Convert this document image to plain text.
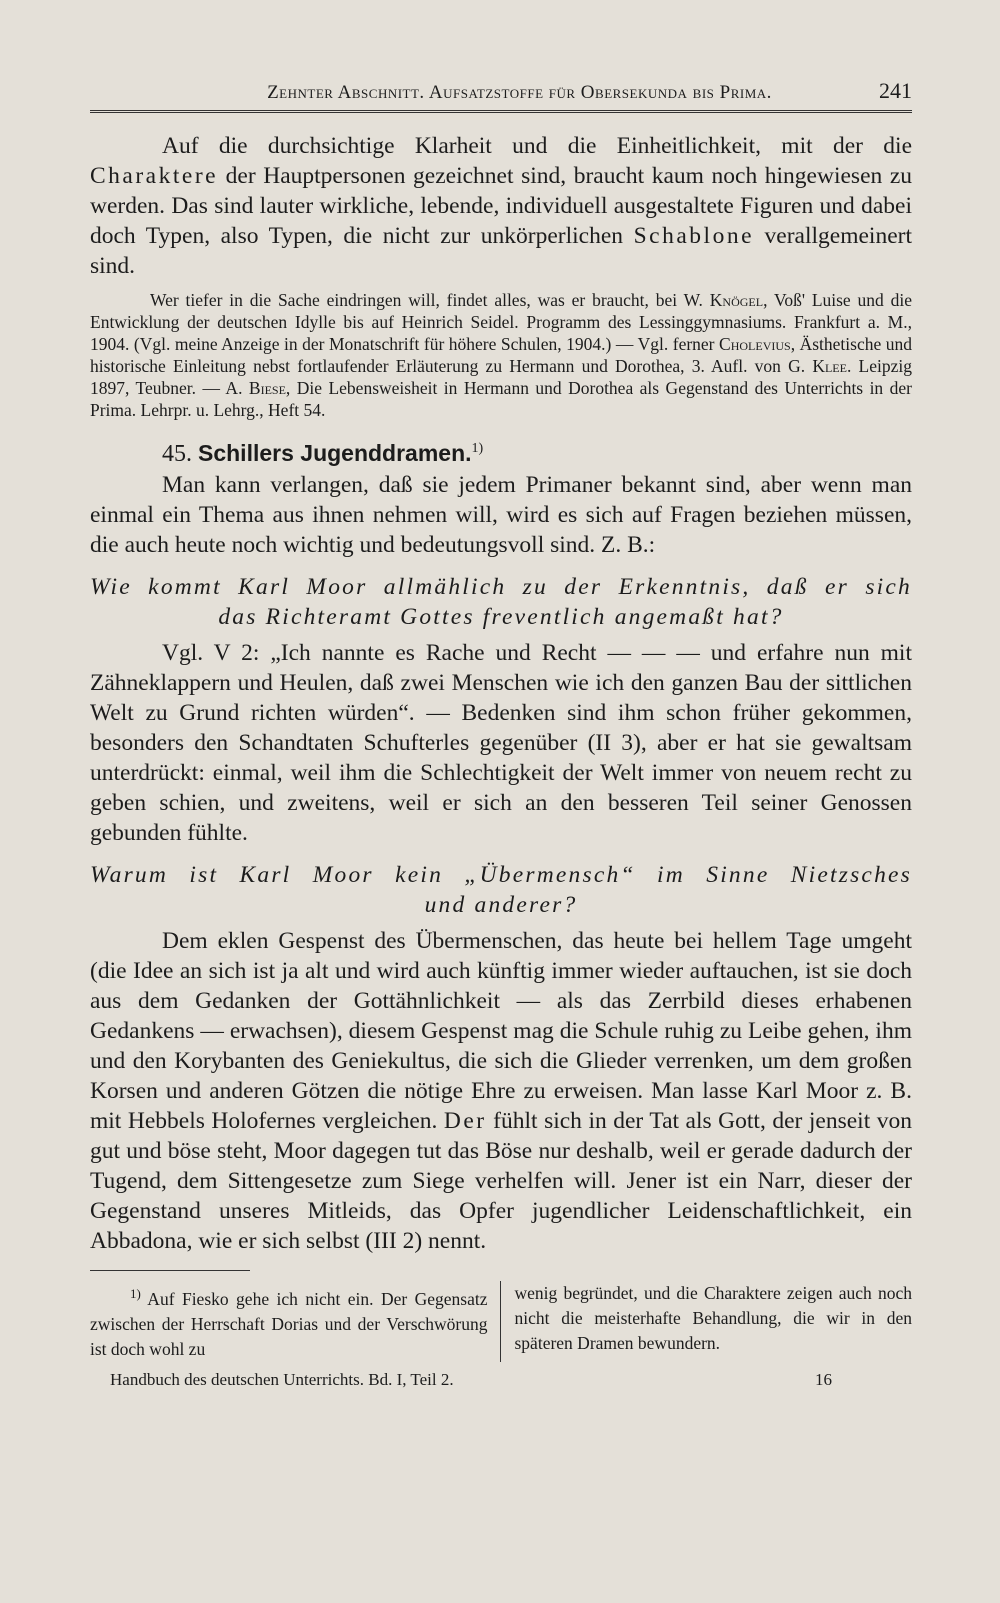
Zehnter Abschnitt. Aufsatzstoffe für Obersekunda bis Prima.	241

Auf die durchsichtige Klarheit und die Einheitlichkeit, mit der die Charaktere der Hauptpersonen gezeichnet sind, braucht kaum noch hingewiesen zu werden. Das sind lauter wirkliche, lebende, individuell ausgestaltete Figuren und dabei doch Typen, also Typen, die nicht zur unkörperlichen Schablone verallgemeinert sind.

Wer tiefer in die Sache eindringen will, findet alles, was er braucht, bei W. Knögel, Voß' Luise und die Entwicklung der deutschen Idylle bis auf Heinrich Seidel. Programm des Lessinggymnasiums. Frankfurt a. M., 1904. (Vgl. meine Anzeige in der Monatschrift für höhere Schulen, 1904.) — Vgl. ferner Cholevius, Ästhetische und historische Einleitung nebst fortlaufender Erläuterung zu Hermann und Dorothea, 3. Aufl. von G. Klee. Leipzig 1897, Teubner. — A. Biese, Die Lebensweisheit in Hermann und Dorothea als Gegenstand des Unterrichts in der Prima. Lehrpr. u. Lehrg., Heft 54.

45. Schillers Jugenddramen.$^{1)}$

Man kann verlangen, daß sie jedem Primaner bekannt sind, aber wenn man einmal ein Thema aus ihnen nehmen will, wird es sich auf Fragen beziehen müssen, die auch heute noch wichtig und bedeutungsvoll sind. Z. B.:

Wie kommt Karl Moor allmählich zu der Erkenntnis, daß er sich
das Richteramt Gottes freventlich angemaßt hat?

Vgl. V 2: „Ich nannte es Rache und Recht — — — und erfahre nun mit Zähneklappern und Heulen, daß zwei Menschen wie ich den ganzen Bau der sittlichen Welt zu Grund richten würden“. — Bedenken sind ihm schon früher gekommen, besonders den Schandtaten Schufterles gegenüber (II 3), aber er hat sie gewaltsam unterdrückt: einmal, weil ihm die Schlechtigkeit der Welt immer von neuem recht zu geben schien, und zweitens, weil er sich an den besseren Teil seiner Genossen gebunden fühlte.

Warum ist Karl Moor kein „Übermensch“ im Sinne Nietzsches
und anderer?

Dem eklen Gespenst des Übermenschen, das heute bei hellem Tage umgeht (die Idee an sich ist ja alt und wird auch künftig immer wieder auftauchen, ist sie doch aus dem Gedanken der Gottähnlichkeit — als das Zerrbild dieses erhabenen Gedankens — erwachsen), diesem Gespenst mag die Schule ruhig zu Leibe gehen, ihm und den Korybanten des Geniekultus, die sich die Glieder verrenken, um dem großen Korsen und anderen Götzen die nötige Ehre zu erweisen. Man lasse Karl Moor z. B. mit Hebbels Holofernes vergleichen. Der fühlt sich in der Tat als Gott, der jenseit von gut und böse steht, Moor dagegen tut das Böse nur deshalb, weil er gerade dadurch der Tugend, dem Sittengesetze zum Siege verhelfen will. Jener ist ein Narr, dieser der Gegenstand unseres Mitleids, das Opfer jugendlicher Leidenschaftlichkeit, ein Abbadona, wie er sich selbst (III 2) nennt.

$^{1)}$ Auf Fiesko gehe ich nicht ein. Der Gegensatz zwischen der Herrschaft Dorias und der Verschwörung ist doch wohl zu
wenig begründet, und die Charaktere zeigen auch noch nicht die meisterhafte Behandlung, die wir in den späteren Dramen bewundern.
Handbuch des deutschen Unterrichts. Bd. I, Teil 2.	16
